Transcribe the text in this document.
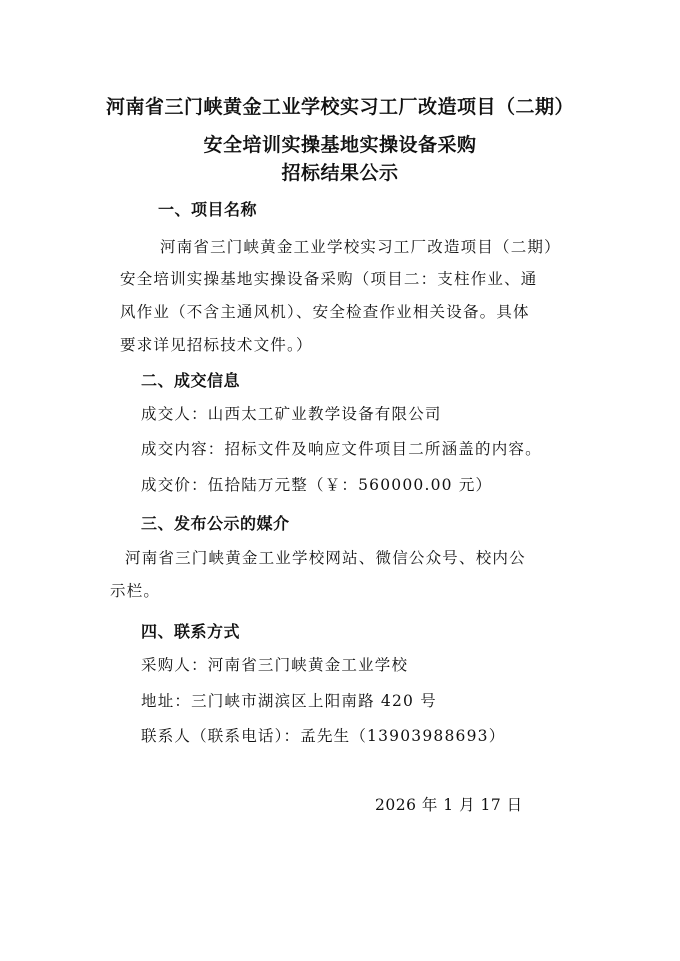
河南省三门峡黄金工业学校实习工厂改造项目（二期）
安全培训实操基地实操设备采购
招标结果公示
一、项目名称
河南省三门峡黄金工业学校实习工厂改造项目（二期）
安全培训实操基地实操设备采购（项目二：支柱作业、通
风作业（不含主通风机）、安全检查作业相关设备。具体
要求详见招标技术文件。）
二、成交信息
成交人：山西太工矿业教学设备有限公司
成交内容：招标文件及响应文件项目二所涵盖的内容。
成交价：伍拾陆万元整（￥：560000.00 元）
三、发布公示的媒介
河南省三门峡黄金工业学校网站、微信公众号、校内公
示栏。
四、联系方式
采购人：河南省三门峡黄金工业学校
地址：三门峡市湖滨区上阳南路 420 号
联系人（联系电话）：孟先生（13903988693）
2026 年 1 月 17 日
